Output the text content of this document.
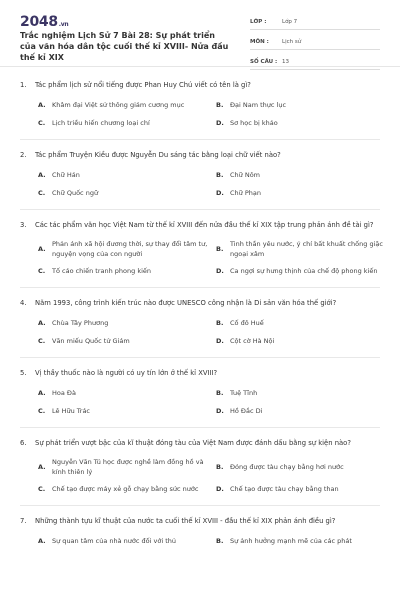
2048.vn
Trắc nghiệm Lịch Sử 7 Bài 28: Sự phát triển của văn hóa dân tộc cuối thế kỉ XVIII- Nửa đầu thế kỉ XIX
LỚP :	Lớp 7
MÔN :	Lịch sử
SỐ CÂU : 13
1.	Tác phẩm lịch sử nổi tiếng được Phan Huy Chú viết có tên là gì?
A. Khâm đại Việt sử thông giám cương mục	B.	Đại Nam thực lục
C.	Lịch triều hiến chương loại chí	D. Sơ học bị khảo
2.	Tác phẩm Truyện Kiều được Nguyễn Du sáng tác bằng loại chữ viết nào?
A. Chữ Hán	B.	Chữ Nôm
C.	Chữ Quốc ngữ	D. Chữ Phạn
3.	Các tác phẩm văn học Việt Nam từ thế kỉ XVIII đến nửa đầu thế kỉ XIX tập trung phản ánh đề tài gì?
A.
Phản ánh xã hội đương thời, sự thay đổi tâm tư, nguyện vọng của con người
B.
Tinh thần yêu nước, ý chí bất khuất chống giặc ngoại xâm
C.	Tố cáo chiến tranh phong kiến	D. Ca ngợi sự hưng thịnh của chế độ phong kiến
4.	Năm 1993, công trình kiến trúc nào được UNESCO công nhận là Di sản văn hóa thế giới?
A. Chùa Tây Phương	B.	Cố đô Huế
C.	Văn miếu Quốc tử Giám	D. Cột cờ Hà Nội
5.	Vị thầy thuốc nào là người có uy tín lớn ở thế kỉ XVIII?
A. Hoa Đà	B.	Tuệ Tĩnh
C.	Lê Hữu Trác	D. Hồ Đắc Di
6.	Sự phát triển vượt bậc của kĩ thuật đóng tàu của Việt Nam được đánh dấu bằng sự kiện nào?
A.
Nguyễn Văn Tú học được nghề làm đồng hồ và kính thiên lý
B.	Đóng được tàu chạy bằng hơi nước
C.	Chế tạo được máy xẻ gỗ chạy bằng sức nước	D. Chế tạo được tàu chạy bằng than
7.	Những thành tựu kĩ thuật của nước ta cuối thế kỉ XVIII - đầu thế kỉ XIX phản ánh điều gì?
A. Sự quan tâm của nhà nước đối với thủ	B.	Sự ảnh hưởng mạnh mẽ của các phát
